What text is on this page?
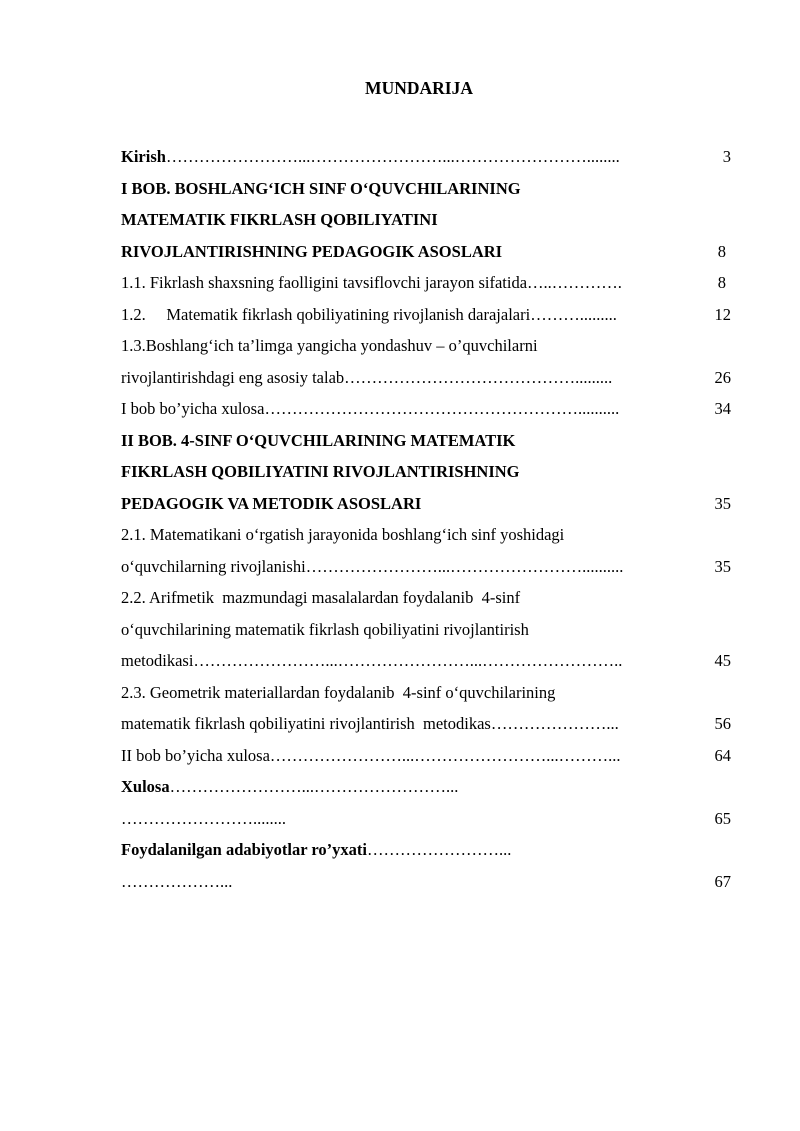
MUNDARIJA
Kirish……………………...……………………...……………………........	3
I BOB. BOSHLANG‘ICH SINF O‘QUVCHILARINING
MATEMATIK FIKRLASH QOBILIYATINI
RIVOJLANTIRISHNING PEDAGOGIK ASOSLARI	8
1.1. Fikrlash shaxsning faolligini tavsiflovchi jarayon sifatida…..………….	8
1.2.     Matematik fikrlash qobiliyatining rivojlanish darajalari……….........	12
1.3.Boshlang‘ich ta’limga yangicha yondashuv – o’quvchilarni
rivojlantirishdagi eng asosiy talab…………………………………….........	26
I bob bo’yicha xulosa…………………………………………………..........	34
II BOB. 4-SINF O‘QUVCHILARINING MATEMATIK
FIKRLASH QOBILIYATINI RIVOJLANTIRISHNING
PEDAGOGIK VA METODIK ASOSLARI	35
2.1. Matematikani o‘rgatish jarayonida boshlang‘ich sinf yoshidagi
o‘quvchilarning rivojlanishi……………………...……………………..........	35
2.2. Arifmetik  mazmundagi masalalardan foydalanib  4-sinf
o‘quvchilarining matematik fikrlash qobiliyatini rivojlantirish
metodikasi……………………...……………………...……………………..	45
2.3. Geometrik materiallardan foydalanib  4-sinf o‘quvchilarining
matematik fikrlash qobiliyatini rivojlantirish  metodikas…………………...	56
II bob bo’yicha xulosa……………………...……………………...………...	64
Xulosa……………………...……………………...
……………………........	65
Foydalanilgan adabiyotlar ro’yxati……………………...
………………...	67
